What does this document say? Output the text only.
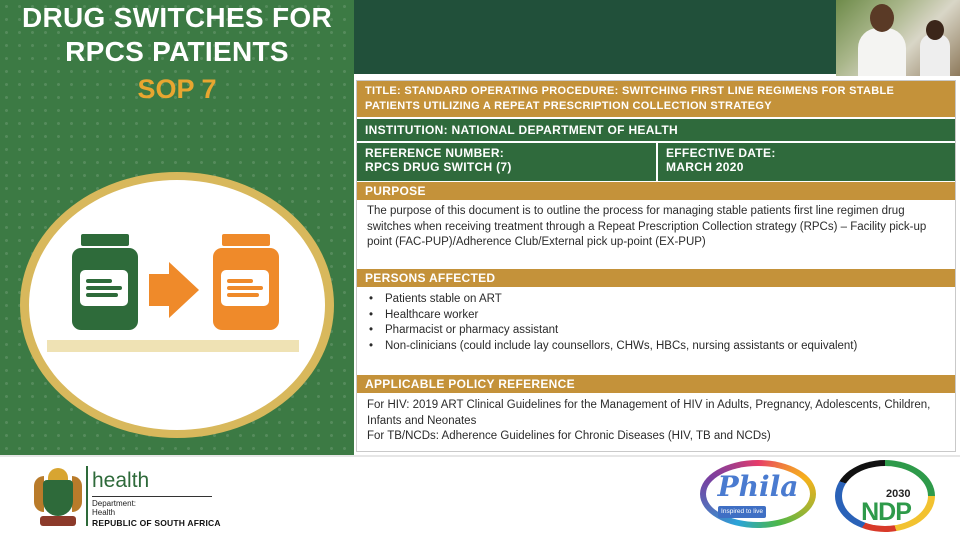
DRUG SWITCHES FOR
RPCS PATIENTS
SOP 7	TITLE: STANDARD OPERATING PROCEDURE: SWITCHING FIRST LINE REGIMENS FOR STABLE PATIENTS UTILIZING A REPEAT PRESCRIPTION COLLECTION STRATEGY
INSTITUTION: NATIONAL DEPARTMENT OF HEALTH
REFERENCE NUMBER:
RPCS DRUG SWITCH (7)
EFFECTIVE DATE:
MARCH 2020
PURPOSE
The purpose of this document is to outline the process for managing stable patients first line regimen drug switches when receiving treatment through a Repeat Prescription Collection strategy (RPCs) – Facility pick-up point (FAC-PUP)/Adherence Club/External pick up-point (EX-PUP)
PERSONS AFFECTED
• Patients stable on ART
• Healthcare worker
• Pharmacist or pharmacy assistant
• Non-clinicians (could include lay counsellors, CHWs, HBCs, nursing assistants or equivalent)
APPLICABLE POLICY REFERENCE
For HIV: 2019 ART Clinical Guidelines for the Management of HIV in Adults, Pregnancy, Adolescents, Children, Infants and Neonates
For TB/NCDs: Adherence Guidelines for Chronic Diseases (HIV, TB and NCDs)
health
Department:
Health
REPUBLIC OF SOUTH AFRICA
Phila
Inspired to live
2030
NDP
